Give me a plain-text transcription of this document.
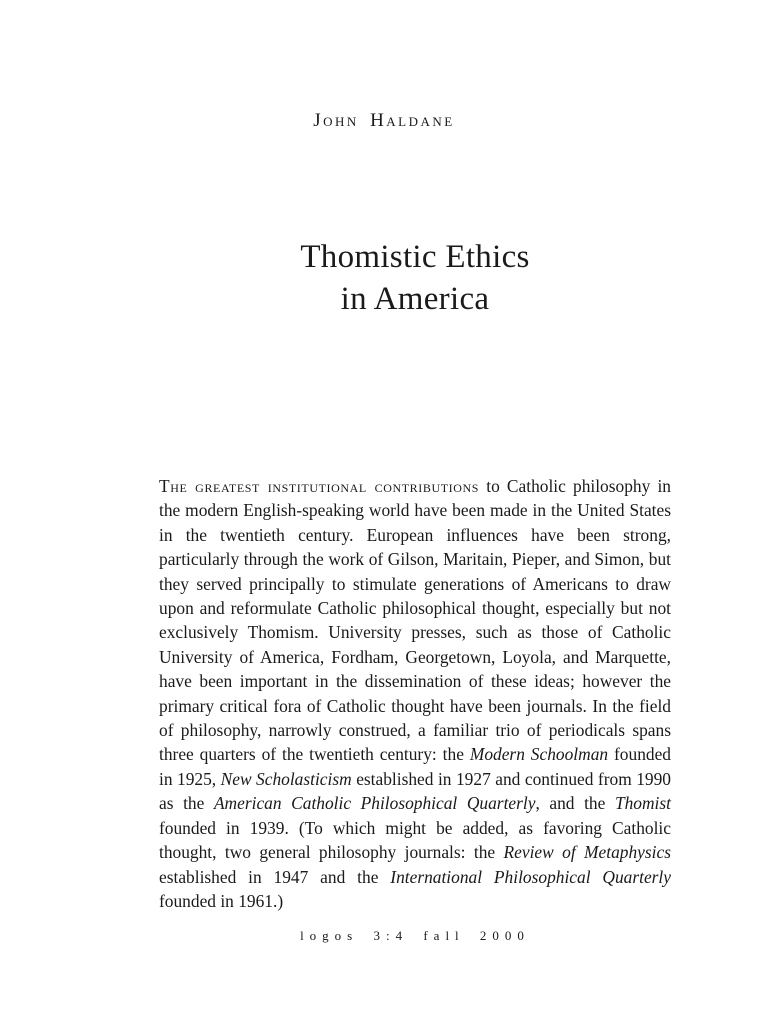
John Haldane
Thomistic Ethics
in America
The greatest institutional contributions to Catholic philosophy in the modern English-speaking world have been made in the United States in the twentieth century. European influences have been strong, particularly through the work of Gilson, Maritain, Pieper, and Simon, but they served principally to stimulate generations of Americans to draw upon and reformulate Catholic philosophical thought, especially but not exclusively Thomism. University presses, such as those of Catholic University of America, Fordham, Georgetown, Loyola, and Marquette, have been important in the dissemination of these ideas; however the primary critical fora of Catholic thought have been journals. In the field of philosophy, narrowly construed, a familiar trio of periodicals spans three quarters of the twentieth century: the Modern Schoolman founded in 1925, New Scholasticism established in 1927 and continued from 1990 as the American Catholic Philosophical Quarterly, and the Thomist founded in 1939. (To which might be added, as favoring Catholic thought, two general philosophy journals: the Review of Metaphysics established in 1947 and the International Philosophical Quarterly founded in 1961.)
logos 3:4 fall 2000
